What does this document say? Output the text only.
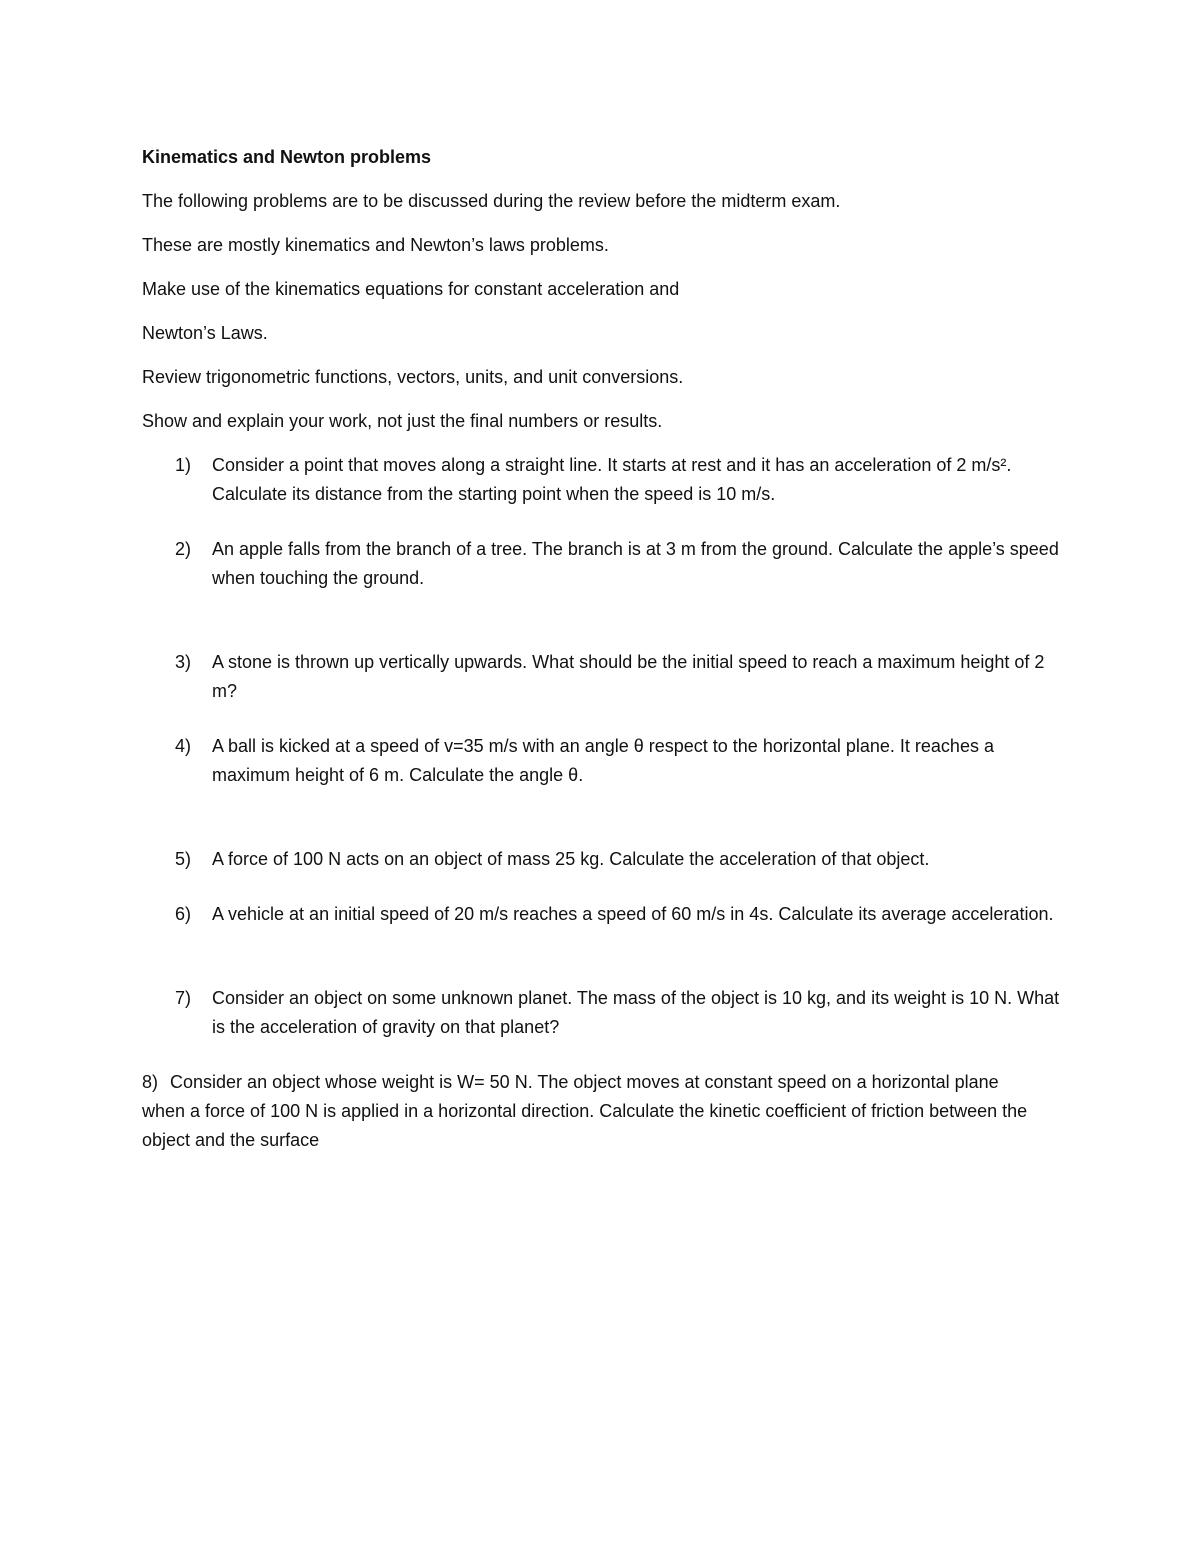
Kinematics and Newton problems
The following problems are to be discussed during the review before the midterm exam.
These are mostly kinematics and Newton’s laws problems.
Make use of the kinematics equations for constant acceleration and
Newton’s Laws.
Review trigonometric functions, vectors, units, and unit conversions.
Show and explain your work, not just the final numbers or results.
1)	Consider a point that moves along a straight line. It starts at rest and it has an acceleration of 2 m/s². Calculate its distance from the starting point when the speed is 10 m/s.
2)	An apple falls from the branch of a tree. The branch is at 3 m from the ground. Calculate the apple’s speed when touching the ground.
3)	A stone is thrown up vertically upwards. What should be the initial speed to reach a maximum height of 2 m?
4)	A ball is kicked at a speed of v=35 m/s with an angle θ respect to the horizontal plane. It reaches a maximum height of 6 m. Calculate the angle θ.
5)	A force of 100 N acts on an object of mass 25 kg. Calculate the acceleration of that object.
6)	A vehicle at an initial speed of 20 m/s reaches a speed of 60 m/s in 4s. Calculate its average acceleration.
7)	Consider an object on some unknown planet. The mass of the object is 10 kg, and its weight is 10 N. What is the acceleration of gravity on that planet?
8) Consider an object whose weight is W= 50 N. The object moves at constant speed on a horizontal plane when a force of 100 N is applied in a horizontal direction. Calculate the kinetic coefficient of friction between the object and the surface
